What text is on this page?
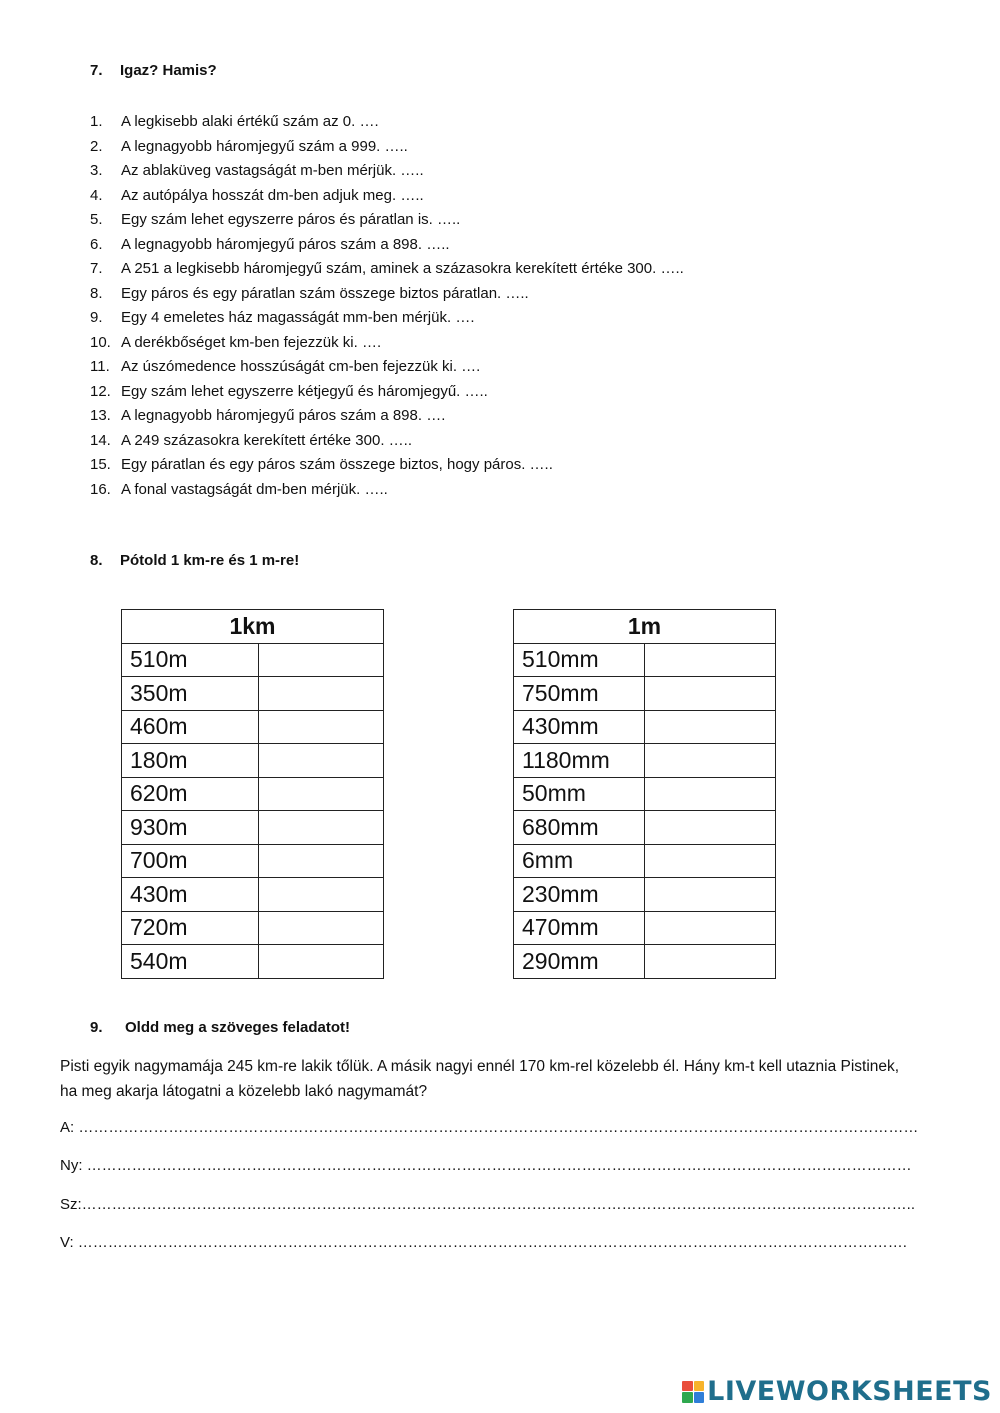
7. Igaz? Hamis?
1.	A legkisebb alaki értékű szám az 0. ….
2.	A legnagyobb háromjegyű szám a 999. …..
3.	Az ablaküveg vastagságát m-ben mérjük. …..
4.	Az autópálya hosszát dm-ben adjuk meg. …..
5.	Egy szám lehet egyszerre páros és páratlan is. …..
6.	A legnagyobb háromjegyű páros szám a 898. …..
7.	A 251 a legkisebb háromjegyű szám, aminek a százasokra kerekített értéke 300. …..
8.	Egy páros és egy páratlan szám összege biztos páratlan. …..
9.	Egy 4 emeletes ház magasságát mm-ben mérjük. ….
10. A derékbőséget km-ben fejezzük ki. ….
11. Az úszómedence hosszúságát cm-ben fejezzük ki. ….
12. Egy szám lehet egyszerre kétjegyű és háromjegyű. …..
13. A legnagyobb háromjegyű páros szám a 898. ….
14. A 249 százasokra kerekített értéke 300. …..
15. Egy páratlan és egy páros szám összege biztos, hogy páros. …..
16. A fonal vastagságát dm-ben mérjük. …..
8. Pótold 1 km-re és 1 m-re!
1km	
510m	
350m	
460m	
180m	
620m	
930m	
700m	
430m	
720m	
540m	
1m	
510mm	
750mm	
430mm	
1180mm	
50mm	
680mm	
6mm	
230mm	
470mm	
290mm	
9. Oldd meg a szöveges feladatot!
Pisti egyik nagymamája 245 km-re lakik tőlük. A másik nagyi ennél 170 km-rel közelebb él. Hány km-t kell utaznia Pistinek, ha meg akarja látogatni a közelebb lakó nagymamát?
A: ……………………………………………………………………………………………………………………………………………………
Ny: …………………………………………………………………………………………………………………………………………………
Sz:…………………………………………………………………………………………………………………………………………………..
V: ………………………………………………………………………………………………………………………………………………….
LIVEWORKSHEETS
